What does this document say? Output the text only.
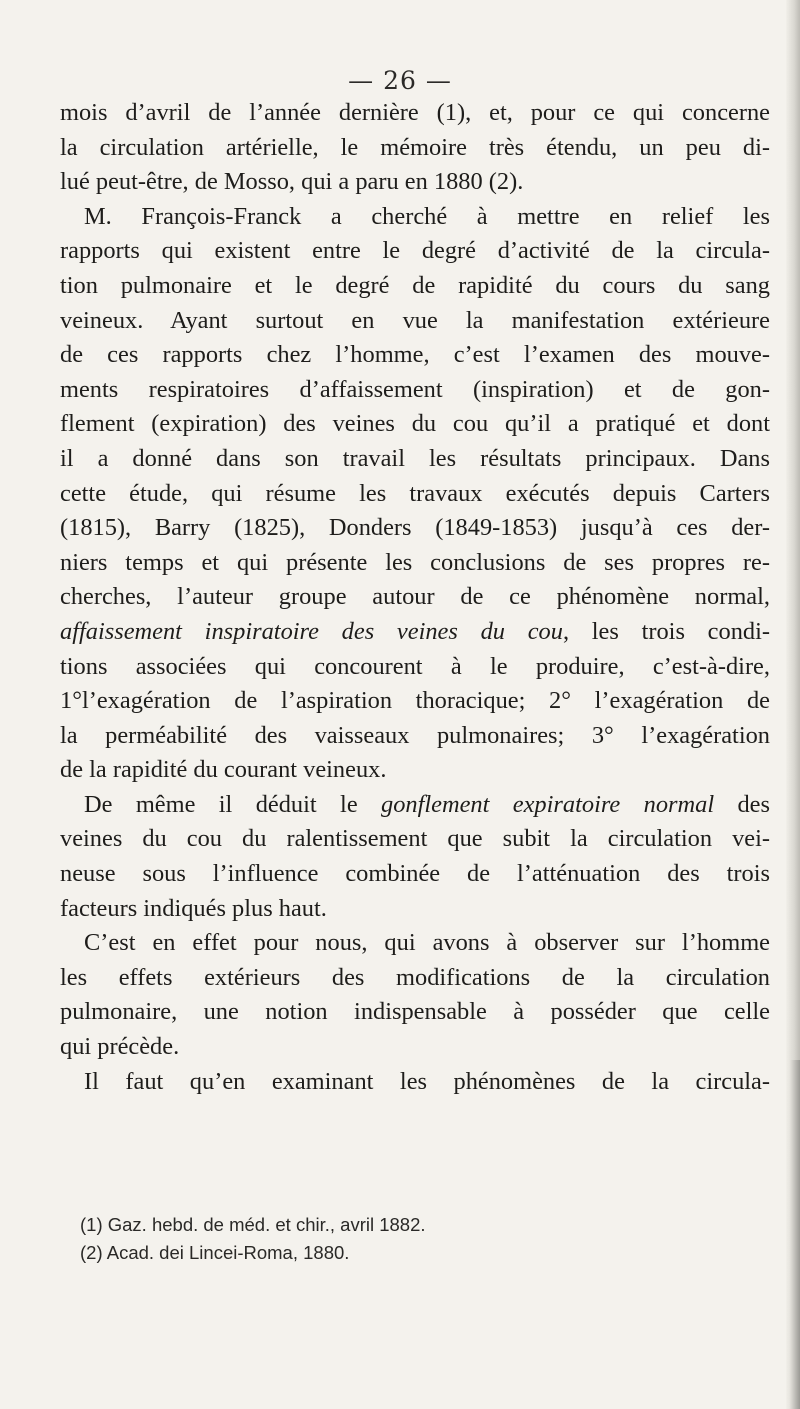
— 26 —
mois d’avril de l’année dernière (1), et, pour ce qui concerne
la circulation artérielle, le mémoire très étendu, un peu di-
lué peut-être, de Mosso, qui a paru en 1880 (2).
M. François-Franck a cherché à mettre en relief les
rapports qui existent entre le degré d’activité de la circula-
tion pulmonaire et le degré de rapidité du cours du sang
veineux. Ayant surtout en vue la manifestation extérieure
de ces rapports chez l’homme, c’est l’examen des mouve-
ments respiratoires d’affaissement (inspiration) et de gon-
flement (expiration) des veines du cou qu’il a pratiqué et dont
il a donné dans son travail les résultats principaux. Dans
cette étude, qui résume les travaux exécutés depuis Carters
(1815), Barry (1825), Donders (1849-1853) jusqu’à ces der-
niers temps et qui présente les conclusions de ses propres re-
cherches, l’auteur groupe autour de ce phénomène normal,
affaissement inspiratoire des veines du cou, les trois condi-
tions associées qui concourent à le produire, c’est-à-dire,
1°l’exagération de l’aspiration thoracique; 2° l’exagération de
la perméabilité des vaisseaux pulmonaires; 3° l’exagération
de la rapidité du courant veineux.
De même il déduit le gonflement expiratoire normal des
veines du cou du ralentissement que subit la circulation vei-
neuse sous l’influence combinée de l’atténuation des trois
facteurs indiqués plus haut.
C’est en effet pour nous, qui avons à observer sur l’homme
les effets extérieurs des modifications de la circulation
pulmonaire, une notion indispensable à posséder que celle
qui précède.
Il faut qu’en examinant les phénomènes de la circula-
(1) Gaz. hebd. de méd. et chir., avril 1882.
(2) Acad. dei Lincei-Roma, 1880.
